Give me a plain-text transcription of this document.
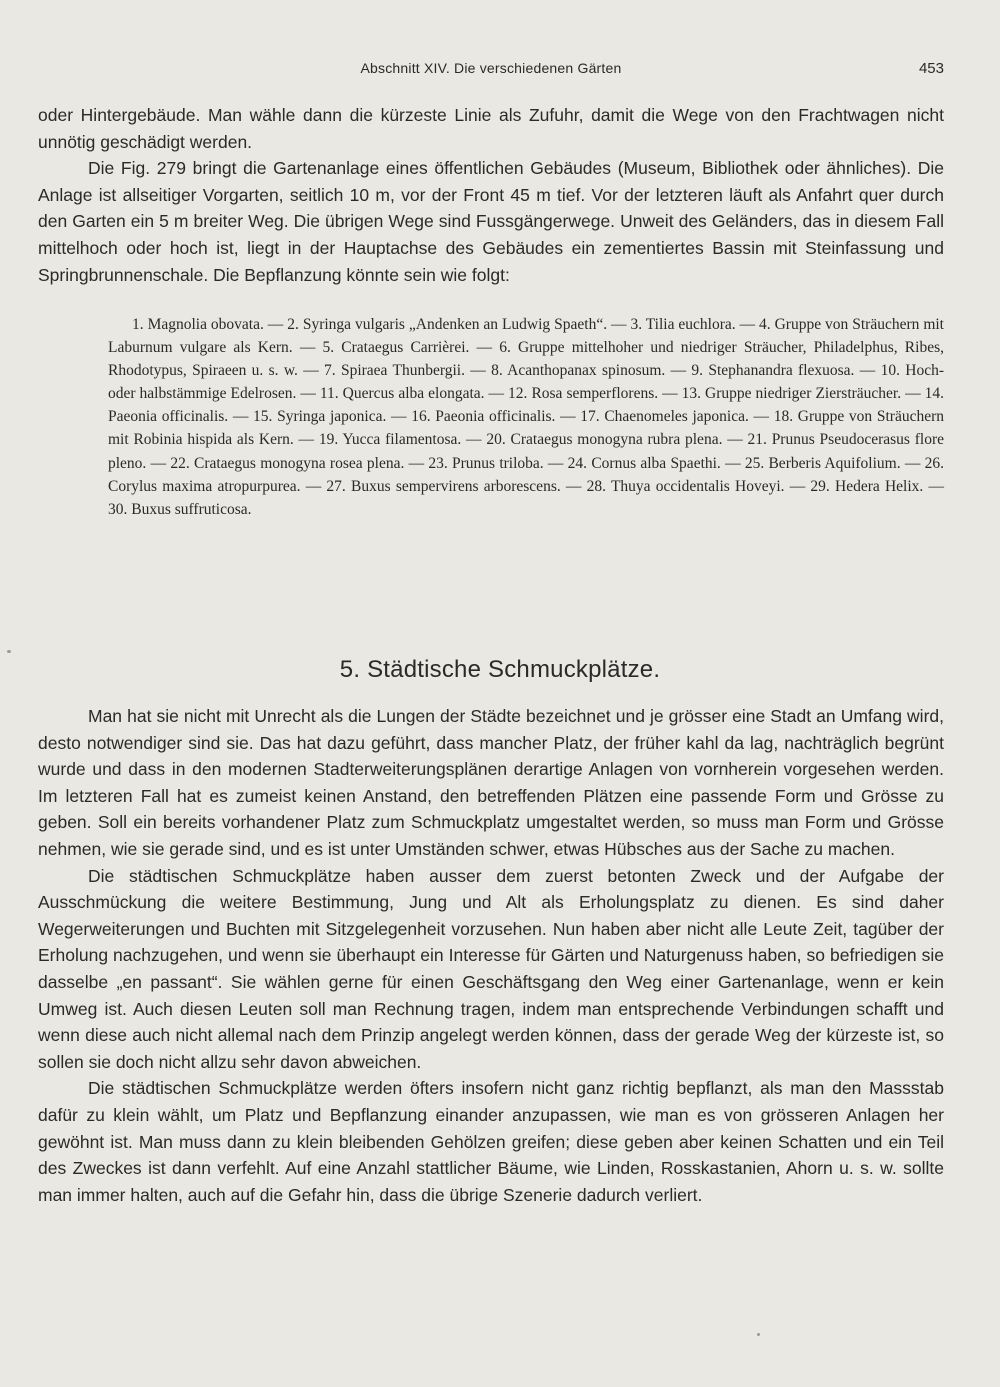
Abschnitt XIV. Die verschiedenen Gärten	453

oder Hintergebäude. Man wähle dann die kürzeste Linie als Zufuhr, damit die Wege von den Frachtwagen nicht unnötig geschädigt werden.

Die Fig. 279 bringt die Gartenanlage eines öffentlichen Gebäudes (Museum, Bibliothek oder ähnliches). Die Anlage ist allseitiger Vorgarten, seitlich 10 m, vor der Front 45 m tief. Vor der letzteren läuft als Anfahrt quer durch den Garten ein 5 m breiter Weg. Die übrigen Wege sind Fussgängerwege. Unweit des Geländers, das in diesem Fall mittelhoch oder hoch ist, liegt in der Hauptachse des Gebäudes ein zementiertes Bassin mit Steinfassung und Springbrunnenschale. Die Bepflanzung könnte sein wie folgt:

1. Magnolia obovata. — 2. Syringa vulgaris „Andenken an Ludwig Spaeth“. — 3. Tilia euchlora. — 4. Gruppe von Sträuchern mit Laburnum vulgare als Kern. — 5. Crataegus Carrièrei. — 6. Gruppe mittelhoher und niedriger Sträucher, Philadelphus, Ribes, Rhodotypus, Spiraeen u. s. w. — 7. Spiraea Thunbergii. — 8. Acanthopanax spinosum. — 9. Stephanandra flexuosa. — 10. Hoch- oder halbstämmige Edelrosen. — 11. Quercus alba elongata. — 12. Rosa semperflorens. — 13. Gruppe niedriger Ziersträucher. — 14. Paeonia officinalis. — 15. Syringa japonica. — 16. Paeonia officinalis. — 17. Chaenomeles japonica. — 18. Gruppe von Sträuchern mit Robinia hispida als Kern. — 19. Yucca filamentosa. — 20. Crataegus monogyna rubra plena. — 21. Prunus Pseudocerasus flore pleno. — 22. Crataegus monogyna rosea plena. — 23. Prunus triloba. — 24. Cornus alba Spaethi. — 25. Berberis Aquifolium. — 26. Corylus maxima atropurpurea. — 27. Buxus sempervirens arborescens. — 28. Thuya occidentalis Hoveyi. — 29. Hedera Helix. — 30. Buxus suffruticosa.

5. Städtische Schmuckplätze.

Man hat sie nicht mit Unrecht als die Lungen der Städte bezeichnet und je grösser eine Stadt an Umfang wird, desto notwendiger sind sie. Das hat dazu geführt, dass mancher Platz, der früher kahl da lag, nachträglich begrünt wurde und dass in den modernen Stadterweiterungsplänen derartige Anlagen von vornherein vorgesehen werden. Im letzteren Fall hat es zumeist keinen Anstand, den betreffenden Plätzen eine passende Form und Grösse zu geben. Soll ein bereits vorhandener Platz zum Schmuckplatz umgestaltet werden, so muss man Form und Grösse nehmen, wie sie gerade sind, und es ist unter Umständen schwer, etwas Hübsches aus der Sache zu machen.

Die städtischen Schmuckplätze haben ausser dem zuerst betonten Zweck und der Aufgabe der Ausschmückung die weitere Bestimmung, Jung und Alt als Erholungsplatz zu dienen. Es sind daher Wegerweiterungen und Buchten mit Sitzgelegenheit vorzusehen. Nun haben aber nicht alle Leute Zeit, tagüber der Erholung nachzugehen, und wenn sie überhaupt ein Interesse für Gärten und Naturgenuss haben, so befriedigen sie dasselbe „en passant“. Sie wählen gerne für einen Geschäftsgang den Weg einer Gartenanlage, wenn er kein Umweg ist. Auch diesen Leuten soll man Rechnung tragen, indem man entsprechende Verbindungen schafft und wenn diese auch nicht allemal nach dem Prinzip angelegt werden können, dass der gerade Weg der kürzeste ist, so sollen sie doch nicht allzu sehr davon abweichen.

Die städtischen Schmuckplätze werden öfters insofern nicht ganz richtig bepflanzt, als man den Massstab dafür zu klein wählt, um Platz und Bepflanzung einander anzupassen, wie man es von grösseren Anlagen her gewöhnt ist. Man muss dann zu klein bleibenden Gehölzen greifen; diese geben aber keinen Schatten und ein Teil des Zweckes ist dann verfehlt. Auf eine Anzahl stattlicher Bäume, wie Linden, Rosskastanien, Ahorn u. s. w. sollte man immer halten, auch auf die Gefahr hin, dass die übrige Szenerie dadurch verliert.
